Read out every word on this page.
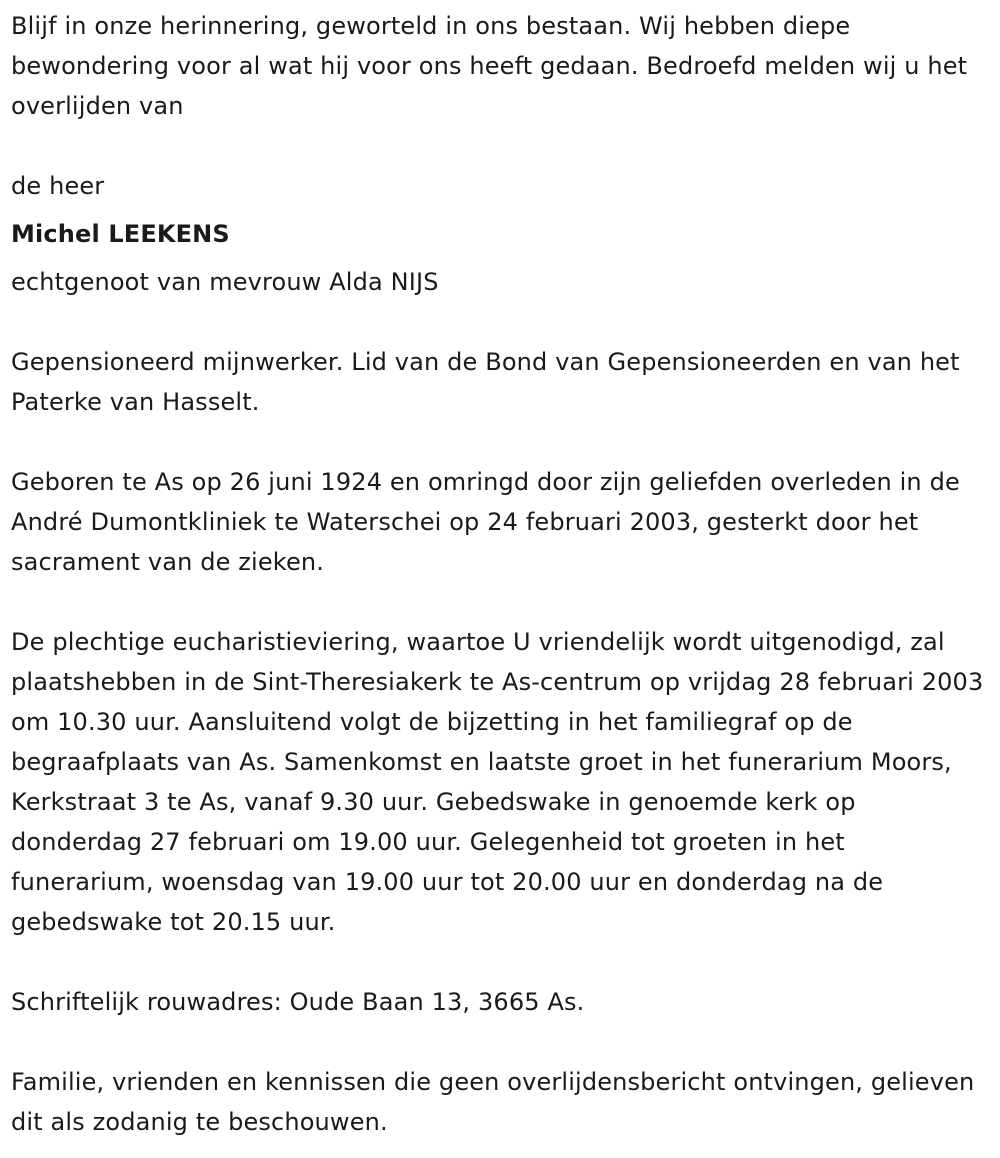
Blijf in onze herinnering, geworteld in ons bestaan. Wij hebben diepe bewondering voor al wat hij voor ons heeft gedaan. Bedroefd melden wij u het overlijden van

de heer

Michel LEEKENS

echtgenoot van mevrouw Alda NIJS

Gepensioneerd mijnwerker. Lid van de Bond van Gepensioneerden en van het Paterke van Hasselt.

Geboren te As op 26 juni 1924 en omringd door zijn geliefden overleden in de André Dumontkliniek te Waterschei op 24 februari 2003, gesterkt door het sacrament van de zieken.

De plechtige eucharistieviering, waartoe U vriendelijk wordt uitgenodigd, zal plaatshebben in de Sint-Theresiakerk te As-centrum op vrijdag 28 februari 2003 om 10.30 uur. Aansluitend volgt de bijzetting in het familiegraf op de begraafplaats van As. Samenkomst en laatste groet in het funerarium Moors, Kerkstraat 3 te As, vanaf 9.30 uur. Gebedswake in genoemde kerk op donderdag 27 februari om 19.00 uur. Gelegenheid tot groeten in het funerarium, woensdag van 19.00 uur tot 20.00 uur en donderdag na de gebedswake tot 20.15 uur.

Schriftelijk rouwadres: Oude Baan 13, 3665 As.

Familie, vrienden en kennissen die geen overlijdensbericht ontvingen, gelieven dit als zodanig te beschouwen.
